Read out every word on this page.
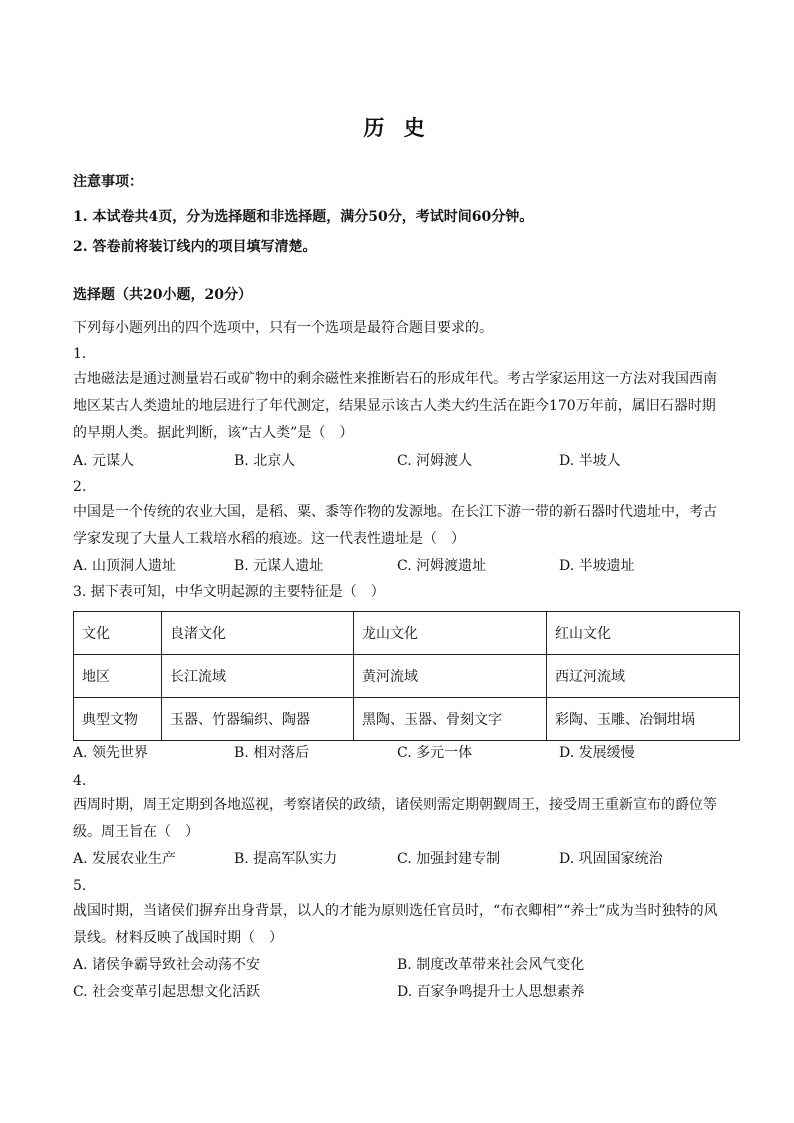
历 史
注意事项：
1. 本试卷共4页，分为选择题和非选择题，满分50分，考试时间60分钟。
2. 答卷前将装订线内的项目填写清楚。
选择题（共20小题，20分）
下列每小题列出的四个选项中，只有一个选项是最符合题目要求的。
1.
古地磁法是通过测量岩石或矿物中的剩余磁性来推断岩石的形成年代。考古学家运用这一方法对我国西南地区某古人类遗址的地层进行了年代测定，结果显示该古人类大约生活在距今170万年前，属旧石器时期的早期人类。据此判断，该“古人类”是（　）
A. 元谋人	B. 北京人	C. 河姆渡人	D. 半坡人
2.
中国是一个传统的农业大国，是稻、粟、黍等作物的发源地。在长江下游一带的新石器时代遗址中，考古学家发现了大量人工栽培水稻的痕迹。这一代表性遗址是（　）
A. 山顶洞人遗址	B. 元谋人遗址	C. 河姆渡遗址	D. 半坡遗址
3. 据下表可知，中华文明起源的主要特征是（　）
文化	良渚文化	龙山文化	红山文化
地区	长江流域	黄河流域	西辽河流域
典型文物	玉器、竹器编织、陶器	黑陶、玉器、骨刻文字	彩陶、玉雕、冶铜坩埚
A. 领先世界	B. 相对落后	C. 多元一体	D. 发展缓慢
4.
西周时期，周王定期到各地巡视，考察诸侯的政绩，诸侯则需定期朝觐周王，接受周王重新宣布的爵位等级。周王旨在（　）
A. 发展农业生产	B. 提高军队实力	C. 加强封建专制	D. 巩固国家统治
5.
战国时期，当诸侯们摒弃出身背景，以人的才能为原则选任官员时，“布衣卿相”“养士”成为当时独特的风景线。材料反映了战国时期（　）
A. 诸侯争霸导致社会动荡不安	B. 制度改革带来社会风气变化
C. 社会变革引起思想文化活跃	D. 百家争鸣提升士人思想素养
